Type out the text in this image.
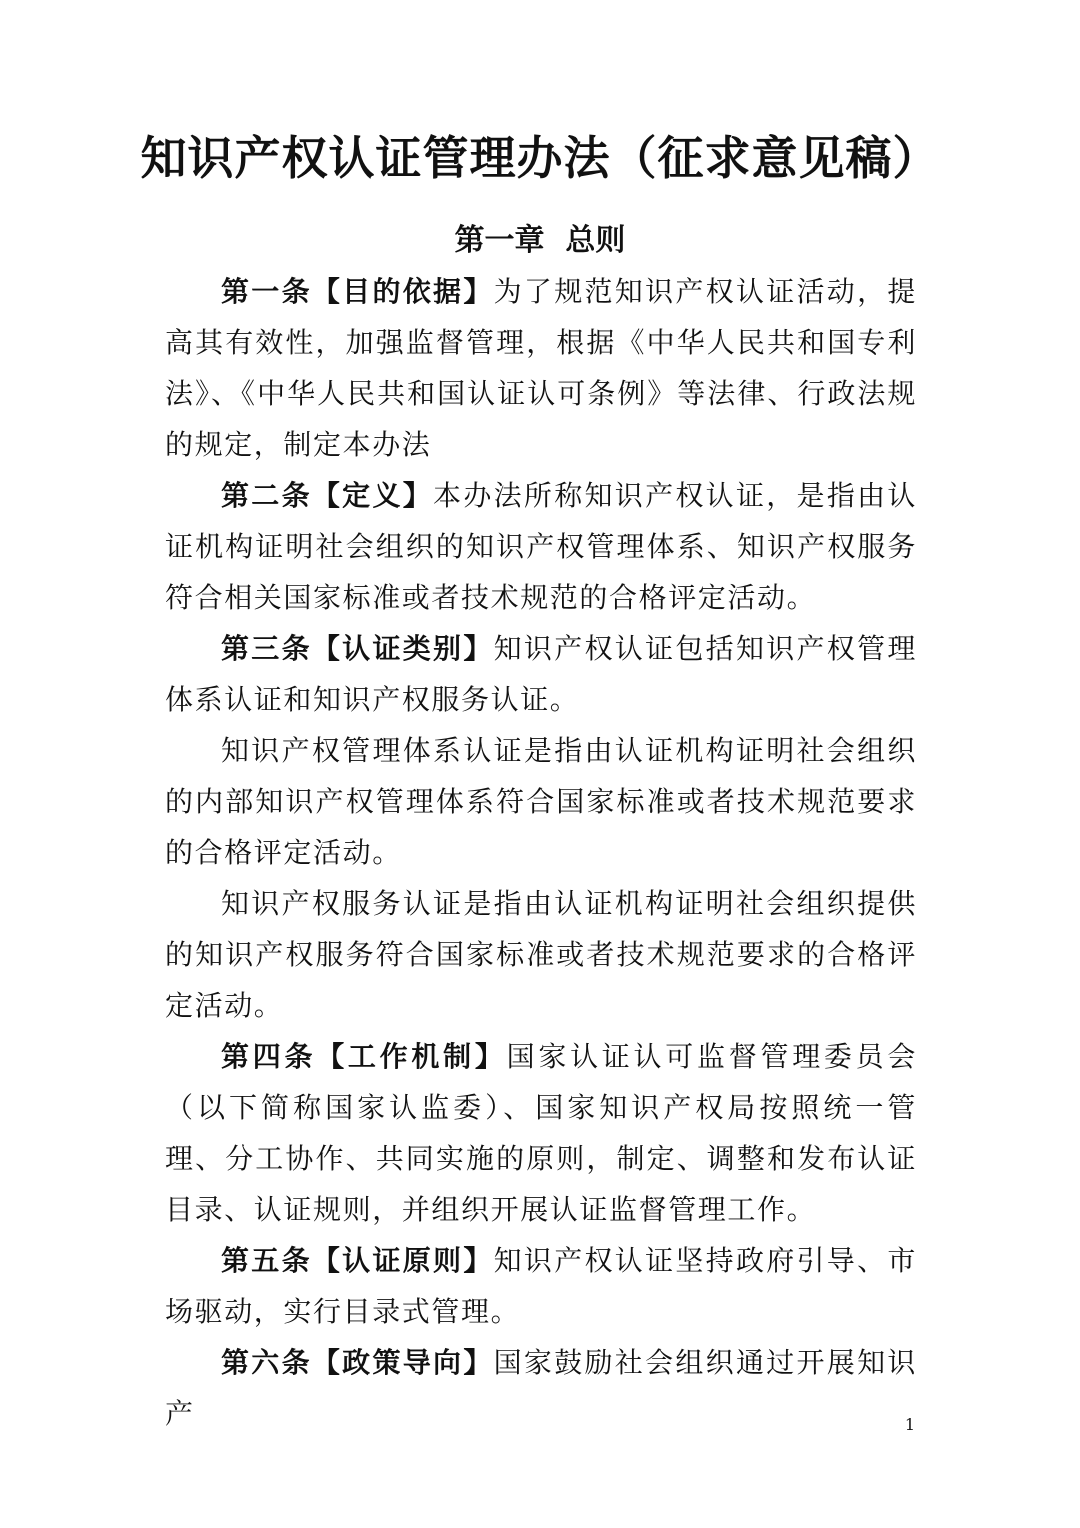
知识产权认证管理办法（征求意见稿）
第一章  总则

第一条【目的依据】为了规范知识产权认证活动，提高其有效性，加强监督管理，根据《中华人民共和国专利法》、《中华人民共和国认证认可条例》等法律、行政法规的规定，制定本办法

第二条【定义】本办法所称知识产权认证，是指由认证机构证明社会组织的知识产权管理体系、知识产权服务符合相关国家标准或者技术规范的合格评定活动。

第三条【认证类别】知识产权认证包括知识产权管理体系认证和知识产权服务认证。

知识产权管理体系认证是指由认证机构证明社会组织的内部知识产权管理体系符合国家标准或者技术规范要求的合格评定活动。

知识产权服务认证是指由认证机构证明社会组织提供的知识产权服务符合国家标准或者技术规范要求的合格评定活动。

第四条【工作机制】国家认证认可监督管理委员会（以下简称国家认监委）、国家知识产权局按照统一管理、分工协作、共同实施的原则，制定、调整和发布认证目录、认证规则，并组织开展认证监督管理工作。

第五条【认证原则】知识产权认证坚持政府引导、市场驱动，实行目录式管理。

第六条【政策导向】国家鼓励社会组织通过开展知识产	1
